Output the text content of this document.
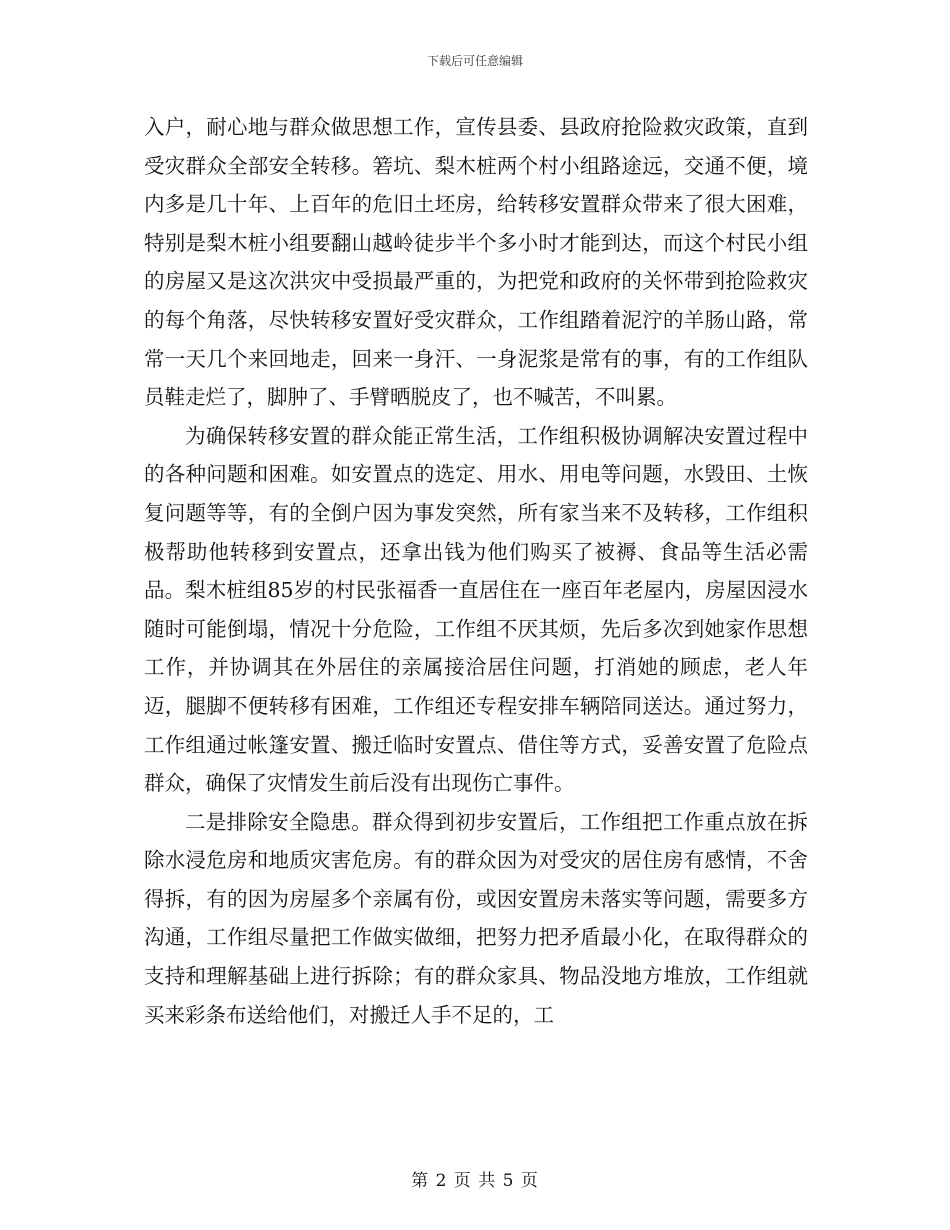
下载后可任意编辑

入户，耐心地与群众做思想工作，宣传县委、县政府抢险救灾政策，直到受灾群众全部安全转移。箬坑、梨木桩两个村小组路途远，交通不便，境内多是几十年、上百年的危旧土坯房，给转移安置群众带来了很大困难，特别是梨木桩小组要翻山越岭徒步半个多小时才能到达，而这个村民小组的房屋又是这次洪灾中受损最严重的，为把党和政府的关怀带到抢险救灾的每个角落，尽快转移安置好受灾群众，工作组踏着泥泞的羊肠山路，常常一天几个来回地走，回来一身汗、一身泥浆是常有的事，有的工作组队员鞋走烂了，脚肿了、手臂晒脱皮了，也不喊苦，不叫累。

为确保转移安置的群众能正常生活，工作组积极协调解决安置过程中的各种问题和困难。如安置点的选定、用水、用电等问题，水毁田、土恢复问题等等，有的全倒户因为事发突然，所有家当来不及转移，工作组积极帮助他转移到安置点，还拿出钱为他们购买了被褥、食品等生活必需品。梨木桩组85岁的村民张福香一直居住在一座百年老屋内，房屋因浸水随时可能倒塌，情况十分危险，工作组不厌其烦，先后多次到她家作思想工作，并协调其在外居住的亲属接洽居住问题，打消她的顾虑，老人年迈，腿脚不便转移有困难，工作组还专程安排车辆陪同送达。通过努力，工作组通过帐篷安置、搬迁临时安置点、借住等方式，妥善安置了危险点群众，确保了灾情发生前后没有出现伤亡事件。

二是排除安全隐患。群众得到初步安置后，工作组把工作重点放在拆除水浸危房和地质灾害危房。有的群众因为对受灾的居住房有感情，不舍得拆，有的因为房屋多个亲属有份，或因安置房未落实等问题，需要多方沟通，工作组尽量把工作做实做细，把努力把矛盾最小化，在取得群众的支持和理解基础上进行拆除；有的群众家具、物品没地方堆放，工作组就买来彩条布送给他们，对搬迁人手不足的，工

第 2 页 共 5 页
